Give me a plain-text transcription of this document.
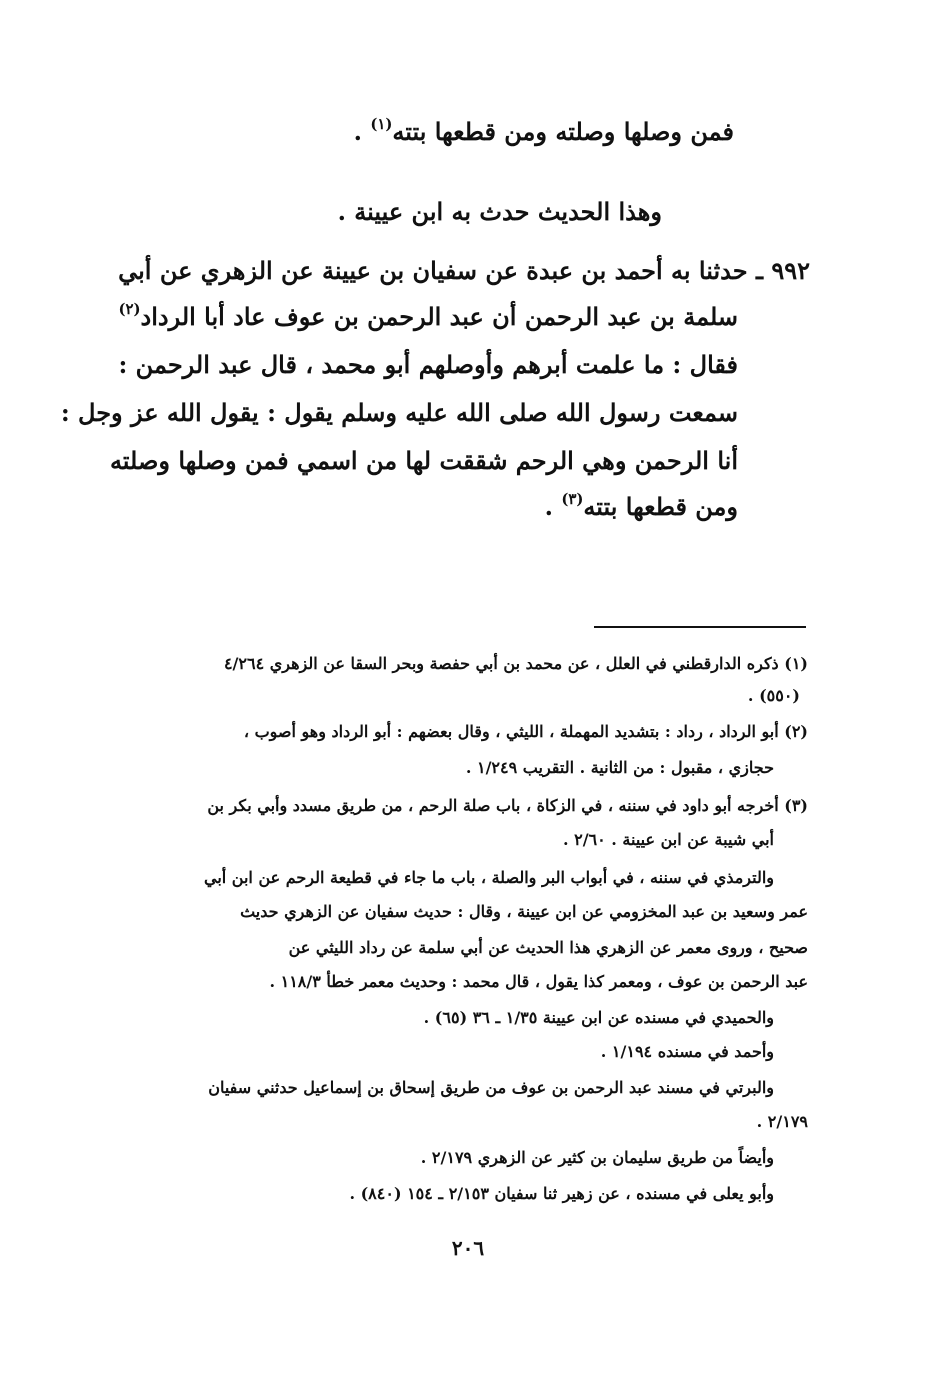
فمن وصلها وصلته ومن قطعها بتته$^{(١)}$ .
وهذا الحديث حدث به ابن عيينة .
٩٩٢ ـ حدثنا به أحمد بن عبدة عن سفيان بن عيينة عن الزهري عن أبي
سلمة بن عبد الرحمن أن عبد الرحمن بن عوف عاد أبا الرداد$^{(٢)}$
فقال : ما علمت أبرهم وأوصلهم أبو محمد ، قال عبد الرحمن :
سمعت رسول الله صلى الله عليه وسلم يقول : يقول الله عز وجل :
أنا الرحمن وهي الرحم شققت لها من اسمي فمن وصلها وصلته
ومن قطعها بتته$^{(٣)}$ .
(١) ذكره الدارقطني في العلل ، عن محمد بن أبي حفصة وبحر السقا عن الزهري ٤/٢٦٤
(٥٥٠) .
(٢) أبو الرداد ، رداد : بتشديد المهملة ، الليثي ، وقال بعضهم : أبو الرداد وهو أصوب ،
حجازي ، مقبول : من الثانية . التقريب ١/٢٤٩ .
(٣) أخرجه أبو داود في سننه ، في الزكاة ، باب صلة الرحم ، من طريق مسدد وأبي بكر بن
أبي شيبة عن ابن عيينة . ٢/٦٠ .
والترمذي في سننه ، في أبواب البر والصلة ، باب ما جاء في قطيعة الرحم عن ابن أبي
عمر وسعيد بن عبد المخزومي عن ابن عيينة ، وقال : حديث سفيان عن الزهري حديث
صحيح ، وروى معمر عن الزهري هذا الحديث عن أبي سلمة عن رداد الليثي عن
عبد الرحمن بن عوف ، ومعمر كذا يقول ، قال محمد : وحديث معمر خطأ ١١٨/٣ .
والحميدي في مسنده عن ابن عيينة ١/٣٥ ـ ٣٦ (٦٥) .
وأحمد في مسنده ١/١٩٤ .
والبرتي في مسند عبد الرحمن بن عوف من طريق إسحاق بن إسماعيل حدثني سفيان
٢/١٧٩ .
وأيضاً من طريق سليمان بن كثير عن الزهري ٢/١٧٩ .
وأبو يعلى في مسنده ، عن زهير ثنا سفيان ٢/١٥٣ ـ ١٥٤ (٨٤٠) .
٢٠٦
